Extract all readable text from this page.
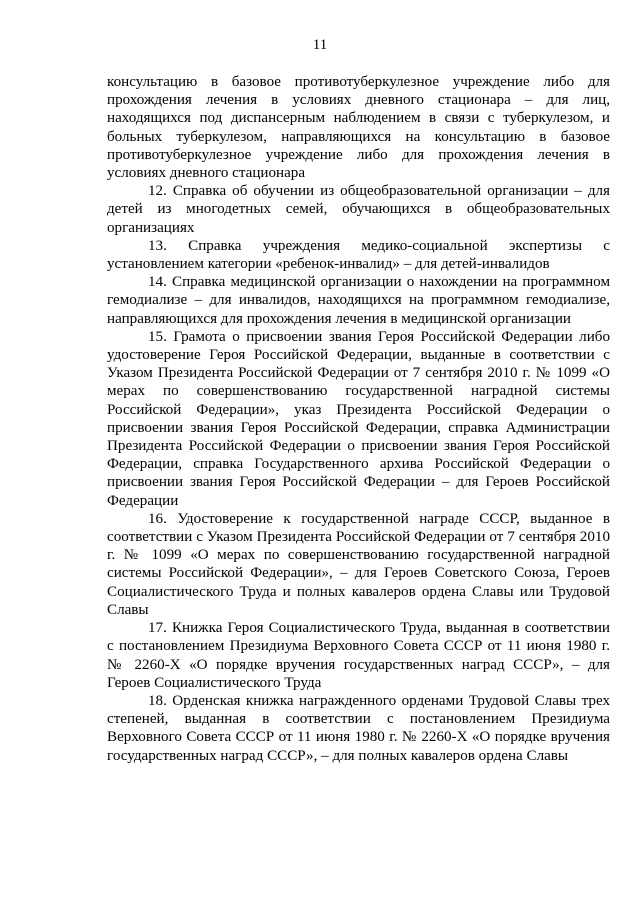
11

консультацию в базовое противотуберкулезное учреждение либо для прохождения лечения в условиях дневного стационара – для лиц, находящихся под диспансерным наблюдением в связи с туберкулезом, и больных туберкулезом, направляющихся на консультацию в базовое противотуберкулезное учреждение либо для прохождения лечения в условиях дневного стационара

12. Справка об обучении из общеобразовательной организации – для детей из многодетных семей, обучающихся в общеобразовательных организациях

13. Справка учреждения медико-социальной экспертизы с установлением категории «ребенок-инвалид» – для детей-инвалидов

14. Справка медицинской организации о нахождении на программном гемодиализе – для инвалидов, находящихся на программном гемодиализе, направляющихся для прохождения лечения в медицинской организации

15. Грамота о присвоении звания Героя Российской Федерации либо удостоверение Героя Российской Федерации, выданные в соответствии с Указом Президента Российской Федерации от 7 сентября 2010 г. № 1099 «О мерах по совершенствованию государственной наградной системы Российской Федерации», указ Президента Российской Федерации о присвоении звания Героя Российской Федерации, справка Администрации Президента Российской Федерации о присвоении звания Героя Российской Федерации, справка Государственного архива Российской Федерации о присвоении звания Героя Российской Федерации – для Героев Российской Федерации

16. Удостоверение к государственной награде СССР, выданное в соответствии с Указом Президента Российской Федерации от 7 сентября 2010 г. № 1099 «О мерах по совершенствованию государственной наградной системы Российской Федерации», – для Героев Советского Союза, Героев Социалистического Труда и полных кавалеров ордена Славы или Трудовой Славы

17. Книжка Героя Социалистического Труда, выданная в соответствии с постановлением Президиума Верховного Совета СССР от 11 июня 1980 г. № 2260-Х «О порядке вручения государственных наград СССР», – для Героев Социалистического Труда

18. Орденская книжка награжденного орденами Трудовой Славы трех степеней, выданная в соответствии с постановлением Президиума Верховного Совета СССР от 11 июня 1980 г. № 2260-Х «О порядке вручения государственных наград СССР», – для полных кавалеров ордена Славы
